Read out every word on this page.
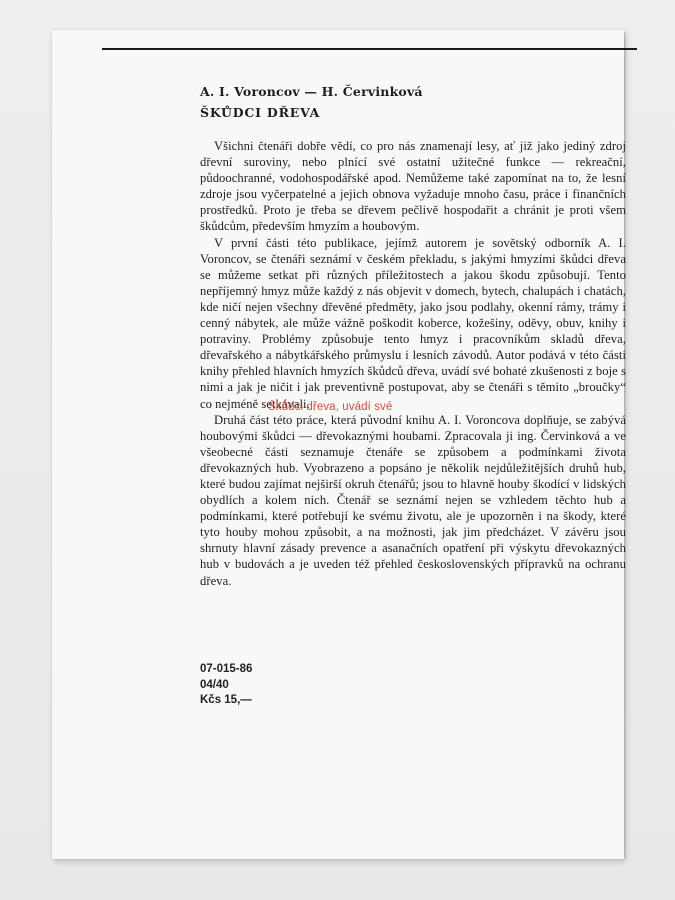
A. I. Voroncov — H. Červinková
ŠKŮDCI DŘEVA

Všichni čtenáři dobře vědí, co pro nás znamenají lesy, ať již jako jediný zdroj dřevní suroviny, nebo plnící své ostatní užitečné funkce — rekreační, půdoochranné, vodohospodářské apod. Nemůžeme také zapomínat na to, že lesní zdroje jsou vyčerpatelné a jejich obnova vyžaduje mnoho času, práce i finančních prostředků. Proto je třeba se dřevem pečlivě hospodařit a chránit je proti všem škůdcům, především hmyzím a houbovým.

V první části této publikace, jejímž autorem je sovětský odborník A. I. Voroncov, se čtenáři seznámí v českém překladu, s jakými hmyzími škůdci dřeva se můžeme setkat při různých příležitostech a jakou škodu způsobují. Tento nepříjemný hmyz může každý z nás objevit v domech, bytech, chalupách i chatách, kde ničí nejen všechny dřevěné předměty, jako jsou podlahy, okenní rámy, trámy i cenný nábytek, ale může vážně poškodit koberce, kožešiny, oděvy, obuv, knihy i potraviny. Problémy způsobuje tento hmyz i pracovníkům skladů dřeva, dřevařského a nábytkářského průmyslu i lesních závodů. Autor podává v této části knihy přehled hlavních hmyzích škůdců dřeva, uvádí své bohaté zkušenosti z boje s nimi a jak je ničit i jak preventivně postupovat, aby se čtenáři s těmito „broučky“ co nejméně setkávali.

Druhá část této práce, která původní knihu A. I. Voroncova doplňuje, se zabývá houbovými škůdci — dřevokaznými houbami. Zpracovala ji ing. Červinková a ve všeobecné části seznamuje čtenáře se způsobem a podmínkami života dřevokazných hub. Vyobrazeno a popsáno je několik nejdůležitějších druhů hub, které budou zajímat nejširší okruh čtenářů; jsou to hlavně houby škodící v lidských obydlích a kolem nich. Čtenář se seznámí nejen se vzhledem těchto hub a podmínkami, které potřebují ke svému životu, ale je upozorněn i na škody, které tyto houby mohou způsobit, a na možnosti, jak jim předcházet. V závěru jsou shrnuty hlavní zásady prevence a asanačních opatření při výskytu dřevokazných hub v budovách a je uveden též přehled československých přípravků na ochranu dřeva.

Škůdci dřeva, uvádí své
07-015-86
04/40
Kčs 15,—
